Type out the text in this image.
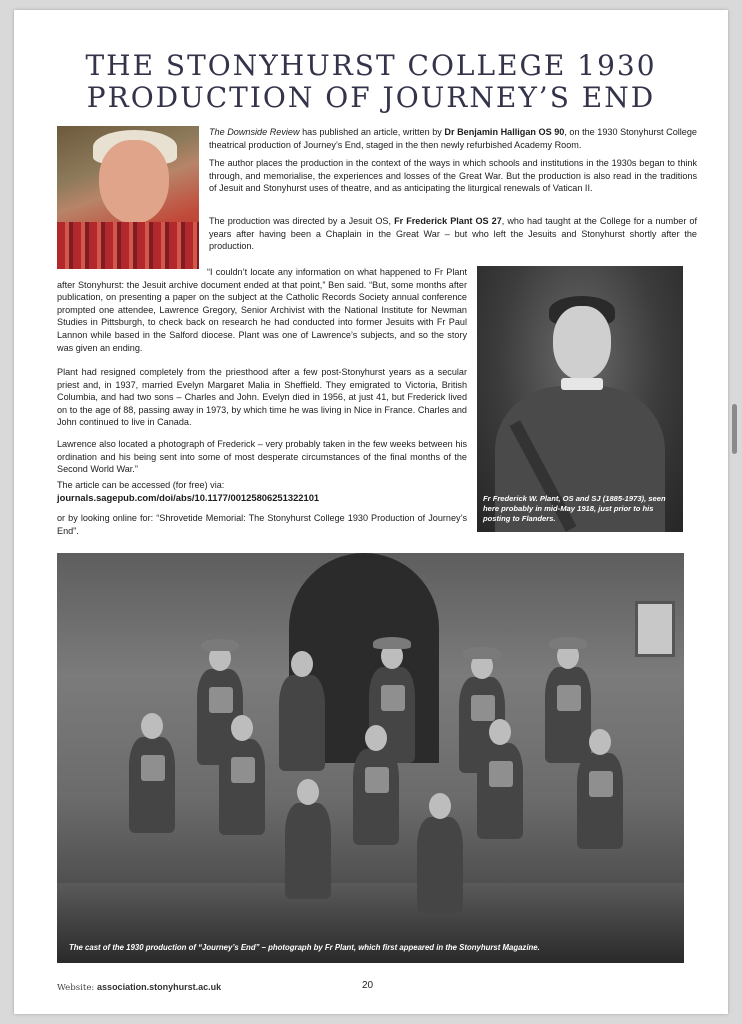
THE STONYHURST COLLEGE 1930
PRODUCTION OF JOURNEY’S END

The Downside Review has published an article, written by Dr Benjamin Halligan OS 90, on the 1930 Stonyhurst College theatrical production of Journey’s End, staged in the then newly refurbished Academy Room.

The author places the production in the context of the ways in which schools and institutions in the 1930s began to think through, and memorialise, the experiences and losses of the Great War. But the production is also read in the traditions of Jesuit and Stonyhurst uses of theatre, and as anticipating the liturgical renewals of Vatican II.

The production was directed by a Jesuit OS, Fr Frederick Plant OS 27, who had taught at the College for a number of years after having been a Chaplain in the Great War – but who left the Jesuits and Stonyhurst shortly after the production.

“I couldn’t locate any information on what happened to Fr Plant after Stonyhurst: the Jesuit archive document ended at that point,” Ben said. “But, some months after publication, on presenting a paper on the subject at the Catholic Records Society annual conference prompted one attendee, Lawrence Gregory, Senior Archivist with the National Institute for Newman Studies in Pittsburgh, to check back on research he had conducted into former Jesuits with Fr Paul Lannon while based in the Salford diocese. Plant was one of Lawrence’s subjects, and so the story was given an ending.

Plant had resigned completely from the priesthood after a few post-Stonyhurst years as a secular priest and, in 1937, married Evelyn Margaret Malia in Sheffield. They emigrated to Victoria, British Columbia, and had two sons – Charles and John. Evelyn died in 1956, at just 41, but Frederick lived on to the age of 88, passing away in 1973, by which time he was living in Nice in France. Charles and John continued to live in Canada.

Lawrence also located a photograph of Frederick – very probably taken in the few weeks between his ordination and his being sent into some of most desperate circumstances of the final months of the Second World War.”

The article can be accessed (for free) via:

journals.sagepub.com/doi/abs/10.1177/00125806251322101

or by looking online for: “Shrovetide Memorial: The Stonyhurst College 1930 Production of Journey’s End”.

Fr Frederick W. Plant, OS and SJ (1885-1973), seen here probably in mid-May 1918, just prior to his posting to Flanders.

The cast of the 1930 production of “Journey’s End” – photograph by Fr Plant, which first appeared in the Stonyhurst Magazine.

Website: association.stonyhurst.ac.uk	20
